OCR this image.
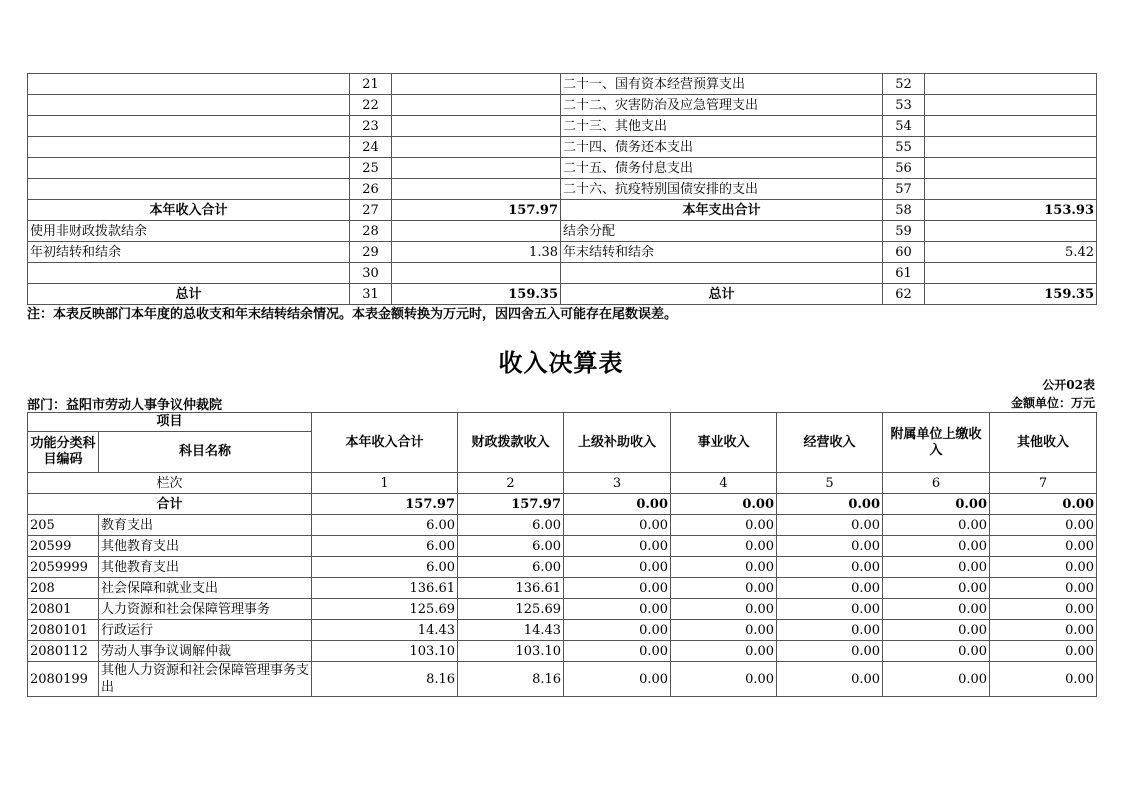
	21		二十一、国有资本经营预算支出	52	
	22		二十二、灾害防治及应急管理支出	53	
	23		二十三、其他支出	54	
	24		二十四、债务还本支出	55	
	25		二十五、债务付息支出	56	
	26		二十六、抗疫特别国债安排的支出	57	
本年收入合计	27	157.97	本年支出合计	58	153.93
使用非财政拨款结余	28		结余分配	59	
年初结转和结余	29	1.38	年末结转和结余	60	5.42
	30			61	
总计	31	159.35	总计	62	159.35
注：本表反映部门本年度的总收支和年末结转结余情况。本表金额转换为万元时，因四舍五入可能存在尾数误差。
收入决算表
公开02表
部门：益阳市劳动人事争议仲裁院	金额单位：万元
项目		本年收入合计	财政拨款收入	上级补助收入	事业收入	经营收入	附属单位上缴收入	其他收入
功能分类科目编码	科目名称							
栏次		1	2	3	4	5	6	7
合计		157.97	157.97	0.00	0.00	0.00	0.00	0.00
205	教育支出	6.00	6.00	0.00	0.00	0.00	0.00	0.00
20599	其他教育支出	6.00	6.00	0.00	0.00	0.00	0.00	0.00
2059999	其他教育支出	6.00	6.00	0.00	0.00	0.00	0.00	0.00
208	社会保障和就业支出	136.61	136.61	0.00	0.00	0.00	0.00	0.00
20801	人力资源和社会保障管理事务	125.69	125.69	0.00	0.00	0.00	0.00	0.00
2080101	行政运行	14.43	14.43	0.00	0.00	0.00	0.00	0.00
2080112	劳动人事争议调解仲裁	103.10	103.10	0.00	0.00	0.00	0.00	0.00
2080199	其他人力资源和社会保障管理事务支出	8.16	8.16	0.00	0.00	0.00	0.00	0.00
